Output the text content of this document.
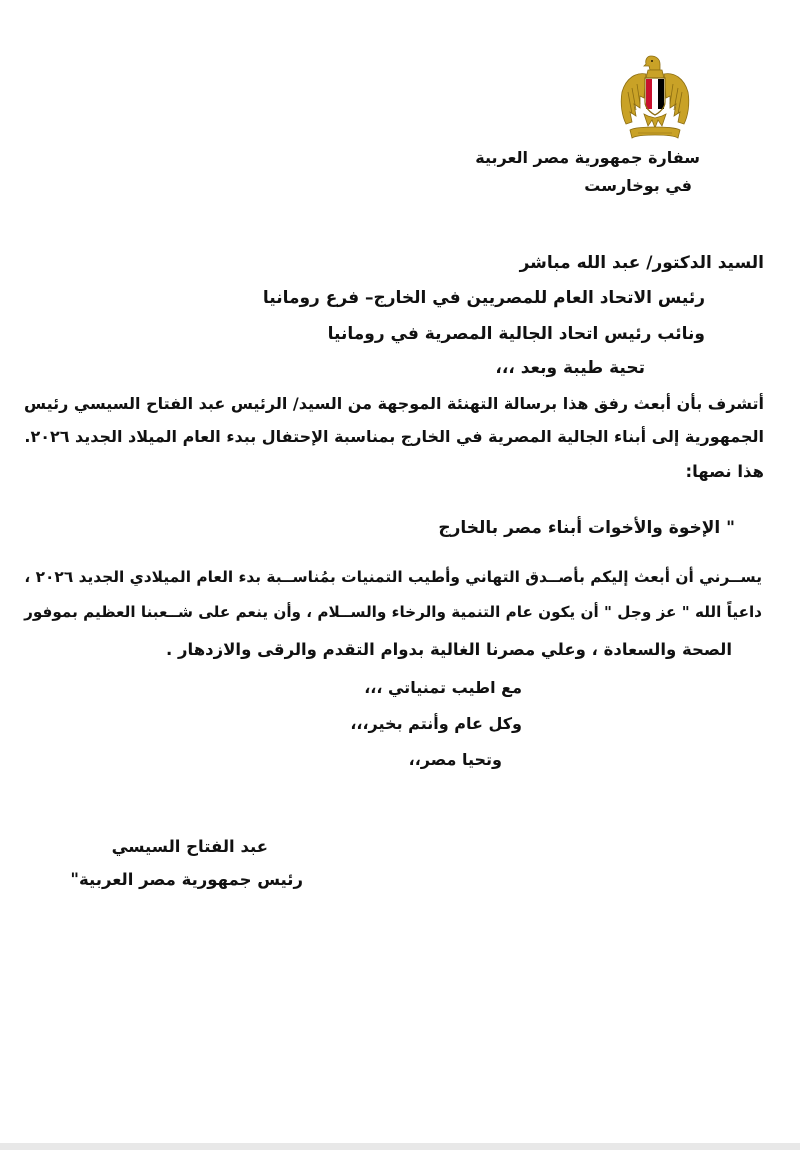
سفارة جمهورية مصر العربية
في بوخارست
السيد الدكتور/ عبد الله مباشر
رئيس الاتحاد العام للمصريين في الخارج– فرع رومانيا
ونائب رئيس اتحاد الجالية المصرية في رومانيا
تحية طيبة وبعد ،،،
أتشرف بأن أبعث رفق هذا برسالة التهنئة الموجهة من السيد/ الرئيس عبد الفتاح السيسي رئيس
الجمهورية إلى أبناء الجالية المصرية في الخارج بمناسبة الإحتفال ببدء العام الميلاد الجديد ٢٠٢٦.
هذا نصها:
" الإخوة والأخوات أبناء مصر بالخارج
يســرني أن أبعث إليكم بأصــدق التهاني وأطيب التمنيات بمُناســبة بدء العام الميلادي الجديد ٢٠٢٦ ،
داعياً الله " عز وجل " أن يكون عام التنمية والرخاء والســلام ، وأن ينعم على شــعبنا العظيم بموفور
الصحة والسعادة ، وعلي مصرنا الغالية بدوام التقدم والرقى والازدهار .
مع اطيب تمنياتي ،،،
وكل عام وأنتم بخير،،،
وتحيا مصر،،
عبد الفتاح السيسي
رئيس جمهورية مصر العربية"
